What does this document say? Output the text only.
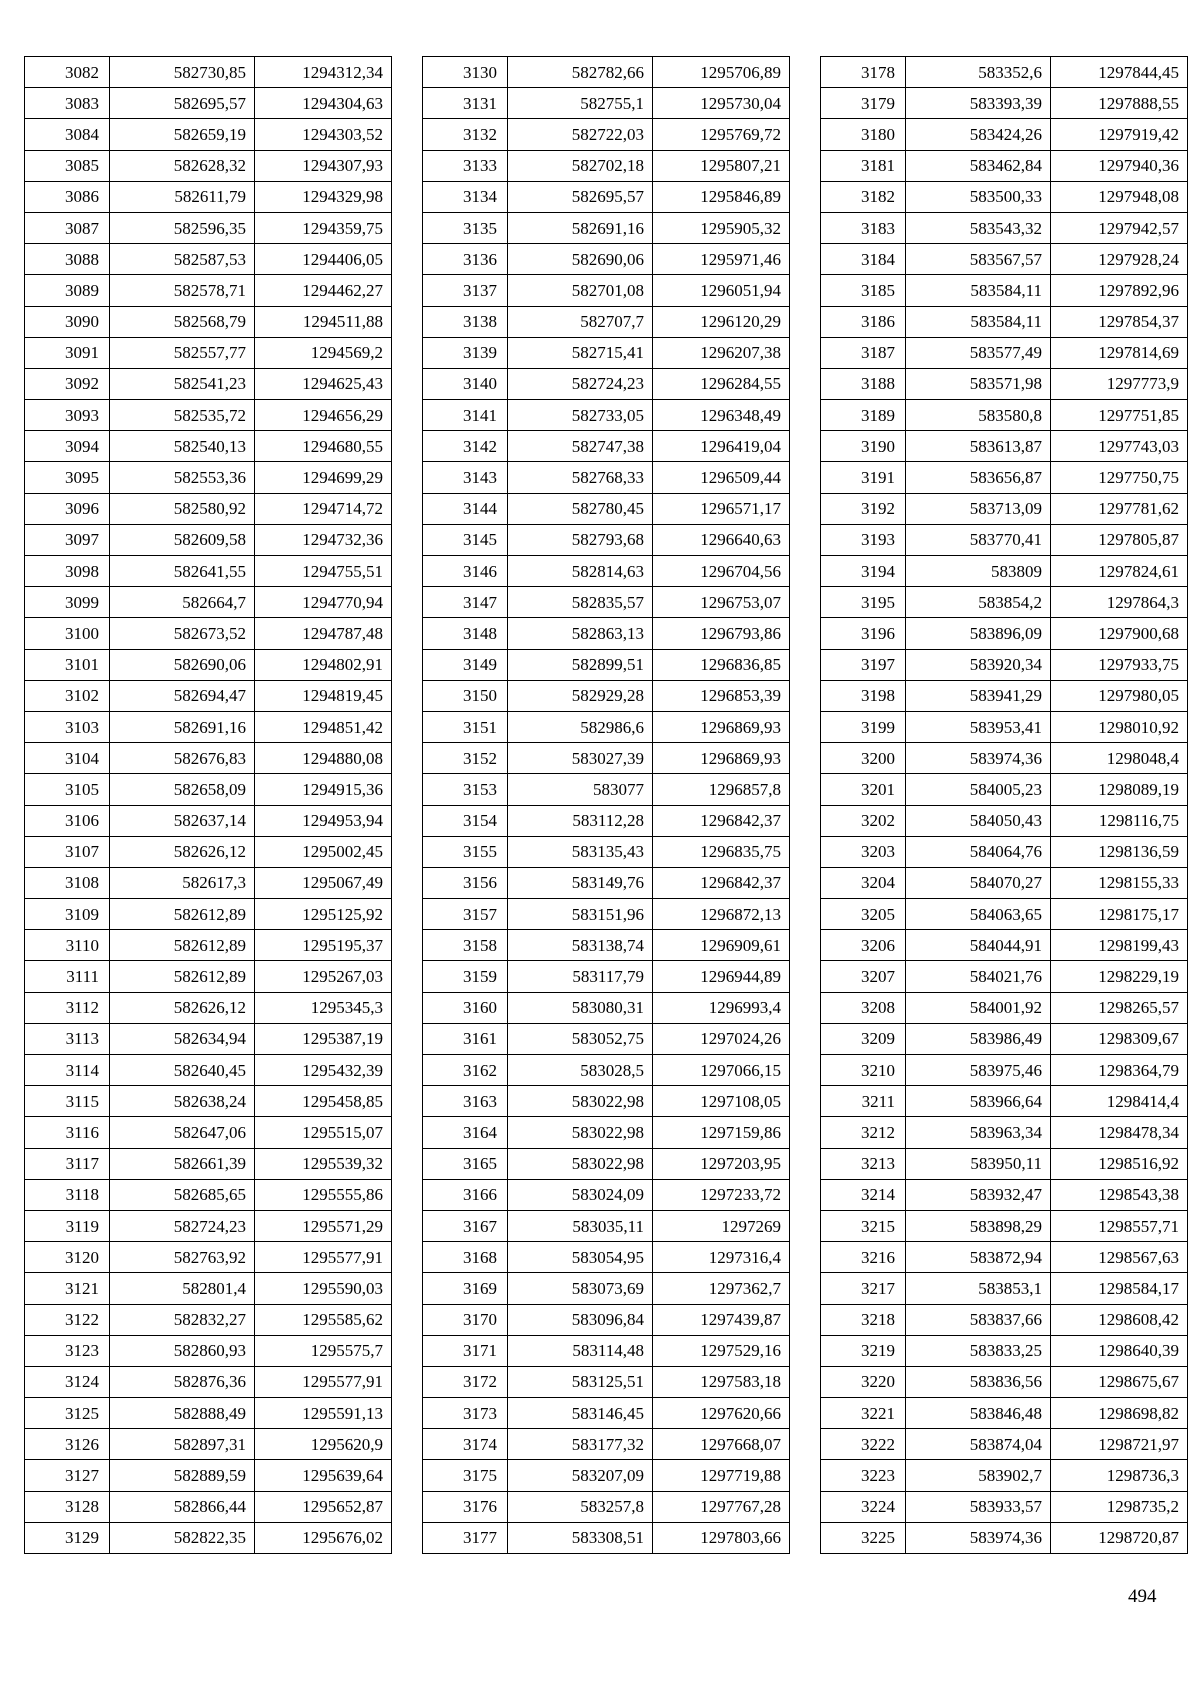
3082	582730,85	1294312,34
3083	582695,57	1294304,63
3084	582659,19	1294303,52
3085	582628,32	1294307,93
3086	582611,79	1294329,98
3087	582596,35	1294359,75
3088	582587,53	1294406,05
3089	582578,71	1294462,27
3090	582568,79	1294511,88
3091	582557,77	1294569,2
3092	582541,23	1294625,43
3093	582535,72	1294656,29
3094	582540,13	1294680,55
3095	582553,36	1294699,29
3096	582580,92	1294714,72
3097	582609,58	1294732,36
3098	582641,55	1294755,51
3099	582664,7	1294770,94
3100	582673,52	1294787,48
3101	582690,06	1294802,91
3102	582694,47	1294819,45
3103	582691,16	1294851,42
3104	582676,83	1294880,08
3105	582658,09	1294915,36
3106	582637,14	1294953,94
3107	582626,12	1295002,45
3108	582617,3	1295067,49
3109	582612,89	1295125,92
3110	582612,89	1295195,37
3111	582612,89	1295267,03
3112	582626,12	1295345,3
3113	582634,94	1295387,19
3114	582640,45	1295432,39
3115	582638,24	1295458,85
3116	582647,06	1295515,07
3117	582661,39	1295539,32
3118	582685,65	1295555,86
3119	582724,23	1295571,29
3120	582763,92	1295577,91
3121	582801,4	1295590,03
3122	582832,27	1295585,62
3123	582860,93	1295575,7
3124	582876,36	1295577,91
3125	582888,49	1295591,13
3126	582897,31	1295620,9
3127	582889,59	1295639,64
3128	582866,44	1295652,87
3129	582822,35	1295676,02
3130	582782,66	1295706,89
3131	582755,1	1295730,04
3132	582722,03	1295769,72
3133	582702,18	1295807,21
3134	582695,57	1295846,89
3135	582691,16	1295905,32
3136	582690,06	1295971,46
3137	582701,08	1296051,94
3138	582707,7	1296120,29
3139	582715,41	1296207,38
3140	582724,23	1296284,55
3141	582733,05	1296348,49
3142	582747,38	1296419,04
3143	582768,33	1296509,44
3144	582780,45	1296571,17
3145	582793,68	1296640,63
3146	582814,63	1296704,56
3147	582835,57	1296753,07
3148	582863,13	1296793,86
3149	582899,51	1296836,85
3150	582929,28	1296853,39
3151	582986,6	1296869,93
3152	583027,39	1296869,93
3153	583077	1296857,8
3154	583112,28	1296842,37
3155	583135,43	1296835,75
3156	583149,76	1296842,37
3157	583151,96	1296872,13
3158	583138,74	1296909,61
3159	583117,79	1296944,89
3160	583080,31	1296993,4
3161	583052,75	1297024,26
3162	583028,5	1297066,15
3163	583022,98	1297108,05
3164	583022,98	1297159,86
3165	583022,98	1297203,95
3166	583024,09	1297233,72
3167	583035,11	1297269
3168	583054,95	1297316,4
3169	583073,69	1297362,7
3170	583096,84	1297439,87
3171	583114,48	1297529,16
3172	583125,51	1297583,18
3173	583146,45	1297620,66
3174	583177,32	1297668,07
3175	583207,09	1297719,88
3176	583257,8	1297767,28
3177	583308,51	1297803,66
3178	583352,6	1297844,45
3179	583393,39	1297888,55
3180	583424,26	1297919,42
3181	583462,84	1297940,36
3182	583500,33	1297948,08
3183	583543,32	1297942,57
3184	583567,57	1297928,24
3185	583584,11	1297892,96
3186	583584,11	1297854,37
3187	583577,49	1297814,69
3188	583571,98	1297773,9
3189	583580,8	1297751,85
3190	583613,87	1297743,03
3191	583656,87	1297750,75
3192	583713,09	1297781,62
3193	583770,41	1297805,87
3194	583809	1297824,61
3195	583854,2	1297864,3
3196	583896,09	1297900,68
3197	583920,34	1297933,75
3198	583941,29	1297980,05
3199	583953,41	1298010,92
3200	583974,36	1298048,4
3201	584005,23	1298089,19
3202	584050,43	1298116,75
3203	584064,76	1298136,59
3204	584070,27	1298155,33
3205	584063,65	1298175,17
3206	584044,91	1298199,43
3207	584021,76	1298229,19
3208	584001,92	1298265,57
3209	583986,49	1298309,67
3210	583975,46	1298364,79
3211	583966,64	1298414,4
3212	583963,34	1298478,34
3213	583950,11	1298516,92
3214	583932,47	1298543,38
3215	583898,29	1298557,71
3216	583872,94	1298567,63
3217	583853,1	1298584,17
3218	583837,66	1298608,42
3219	583833,25	1298640,39
3220	583836,56	1298675,67
3221	583846,48	1298698,82
3222	583874,04	1298721,97
3223	583902,7	1298736,3
3224	583933,57	1298735,2
3225	583974,36	1298720,87
494
